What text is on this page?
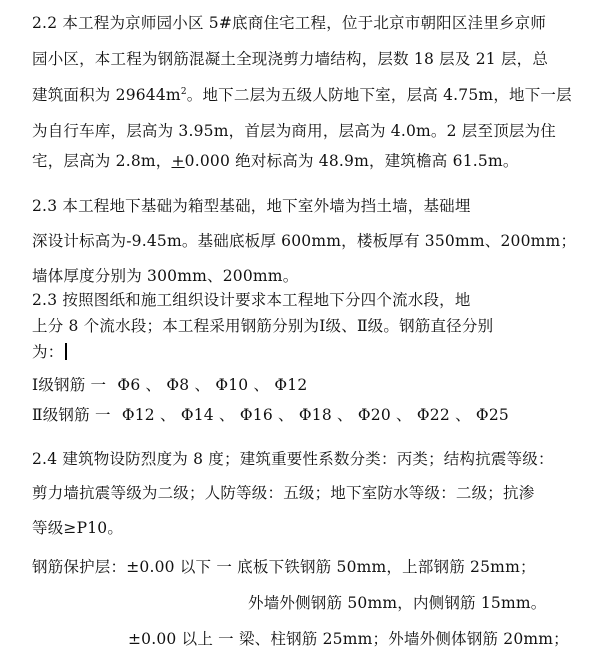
2.2 本工程为京师园小区 5#底商住宅工程，位于北京市朝阳区洼里乡京师
园小区，本工程为钢筋混凝土全现浇剪力墙结构，层数 18 层及 21 层，总
建筑面积为 $29644m^2$。地下二层为五级人防地下室，层高 4.75m，地下一层
为自行车库，层高为 3.95m，首层为商用，层高为 4.0m。2 层至顶层为住
宅，层高为 2.8m，+0.000 绝对标高为 48.9m，建筑檐高 61.5m。
2.3 本工程地下基础为箱型基础，地下室外墙为挡土墙，基础埋
深设计标高为-9.45m。基础底板厚 600mm，楼板厚有 350mm、200mm；
墙体厚度分别为 300mm、200mm。
2.3 按照图纸和施工组织设计要求本工程地下分四个流水段，地
上分 8 个流水段；本工程采用钢筋分别为Ⅰ级、Ⅱ级。钢筋直径分别
为：
Ⅰ级钢筋 一 Φ6 、 Φ8 、 Φ10 、 Φ12
Ⅱ级钢筋 一 Φ12 、 Φ14 、 Φ16 、 Φ18 、 Φ20 、 Φ22 、 Φ25
2.4 建筑物设防烈度为 8 度；建筑重要性系数分类：丙类；结构抗震等级：
剪力墙抗震等级为二级；人防等级：五级；地下室防水等级：二级；抗渗
等级≥P10。
钢筋保护层：±0.00 以下 一 底板下铁钢筋 50mm，上部钢筋 25mm；
外墙外侧钢筋 50mm，内侧钢筋 15mm。
±0.00 以上 一 梁、柱钢筋 25mm；外墙外侧体钢筋 20mm；
